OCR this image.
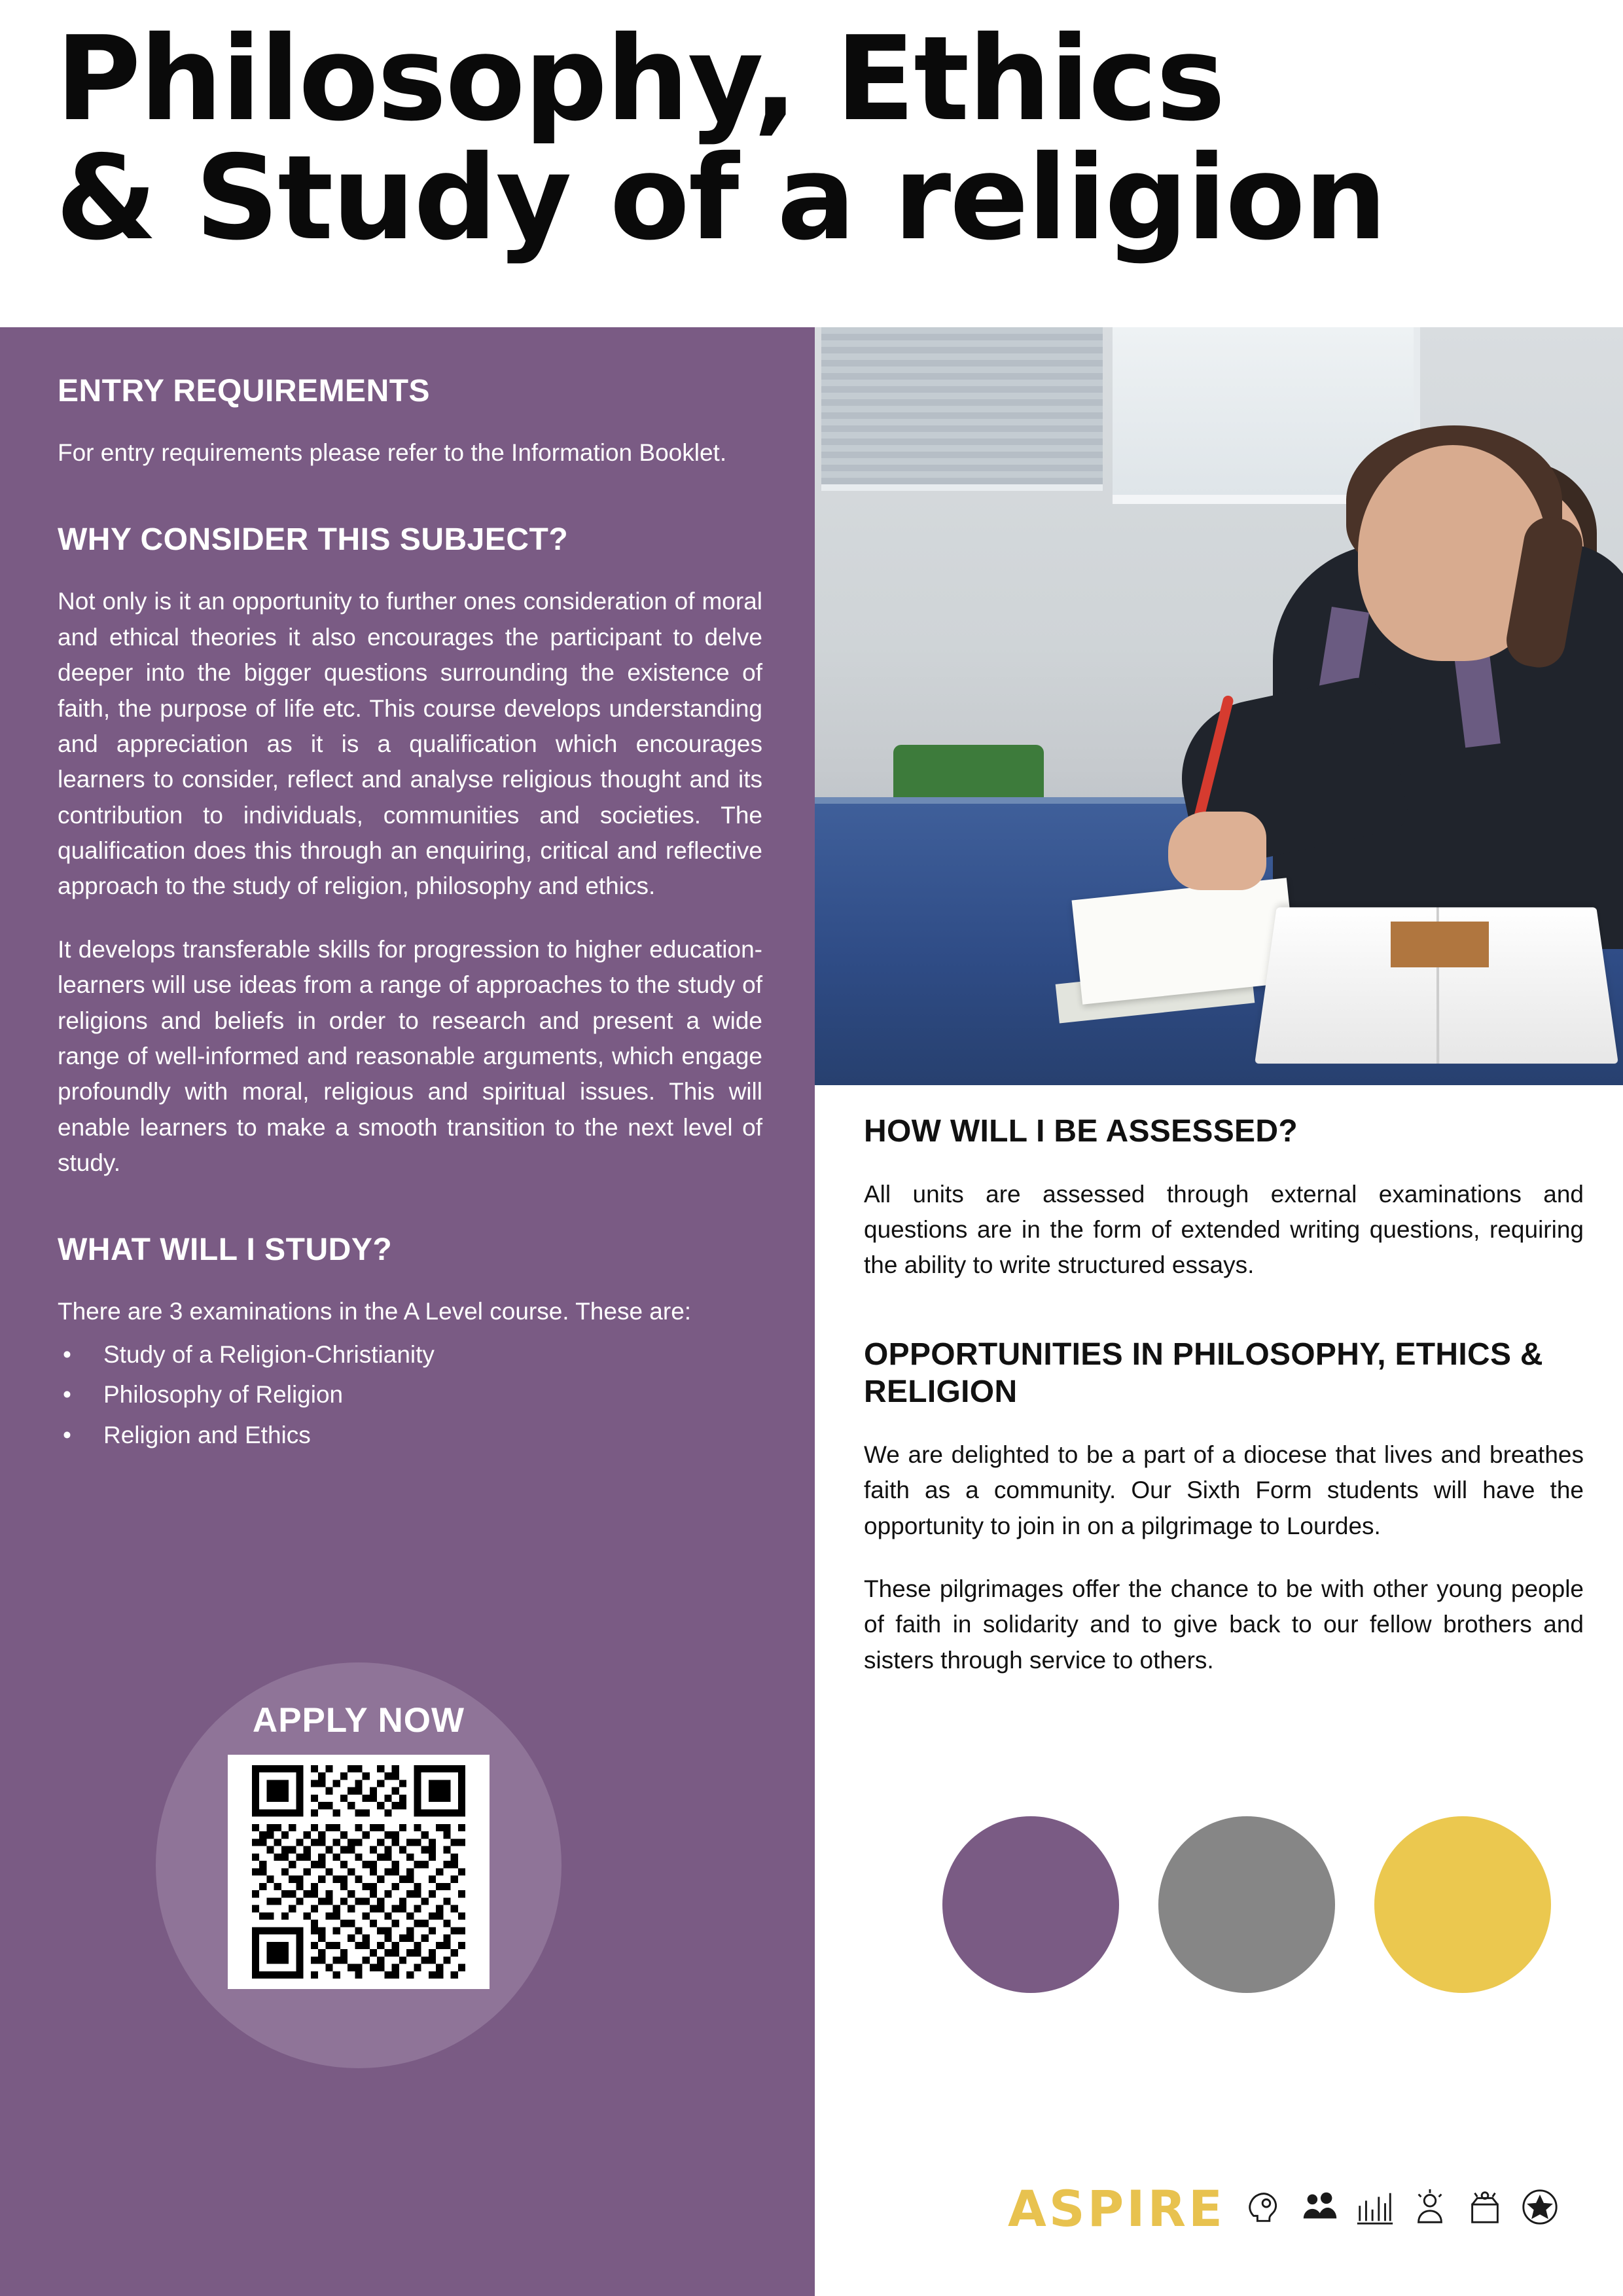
Philosophy, Ethics
& Study of a religion
ENTRY REQUIREMENTS

For entry requirements please refer to the Information Booklet.

WHY CONSIDER THIS SUBJECT?

Not only is it an opportunity to further ones consideration of moral and ethical theories it also encourages the participant to delve deeper into the bigger questions surrounding the existence of faith, the purpose of life etc. This course develops understanding and appreciation as it is a qualification which encourages learners to consider, reflect and analyse religious thought and its contribution to individuals, communities and societies. The qualification does this through an enquiring, critical and reflective approach to the study of religion, philosophy and ethics.

It develops transferable skills for progression to higher education- learners will use ideas from a range of approaches to the study of religions and beliefs in order to research and present a wide range of well-informed and reasonable arguments, which engage profoundly with moral, religious and spiritual issues. This will enable learners to make a smooth transition to the next level of study.

WHAT WILL I STUDY?

There are 3 examinations in the A Level course. These are:

• Study of a Religion-Christianity
• Philosophy of Religion
• Religion and Ethics
APPLY NOW
HOW WILL I BE ASSESSED?

All units are assessed through external examinations and questions are in the form of extended writing questions, requiring the ability to write structured essays.

OPPORTUNITIES IN PHILOSOPHY, ETHICS & RELIGION

We are delighted to be a part of a diocese that lives and breathes faith as a community. Our Sixth Form students will have the opportunity to join in on a pilgrimage to Lourdes.

These pilgrimages offer the chance to be with other young people of faith in solidarity and to give back to our fellow brothers and sisters through service to others.

ASPIRE
